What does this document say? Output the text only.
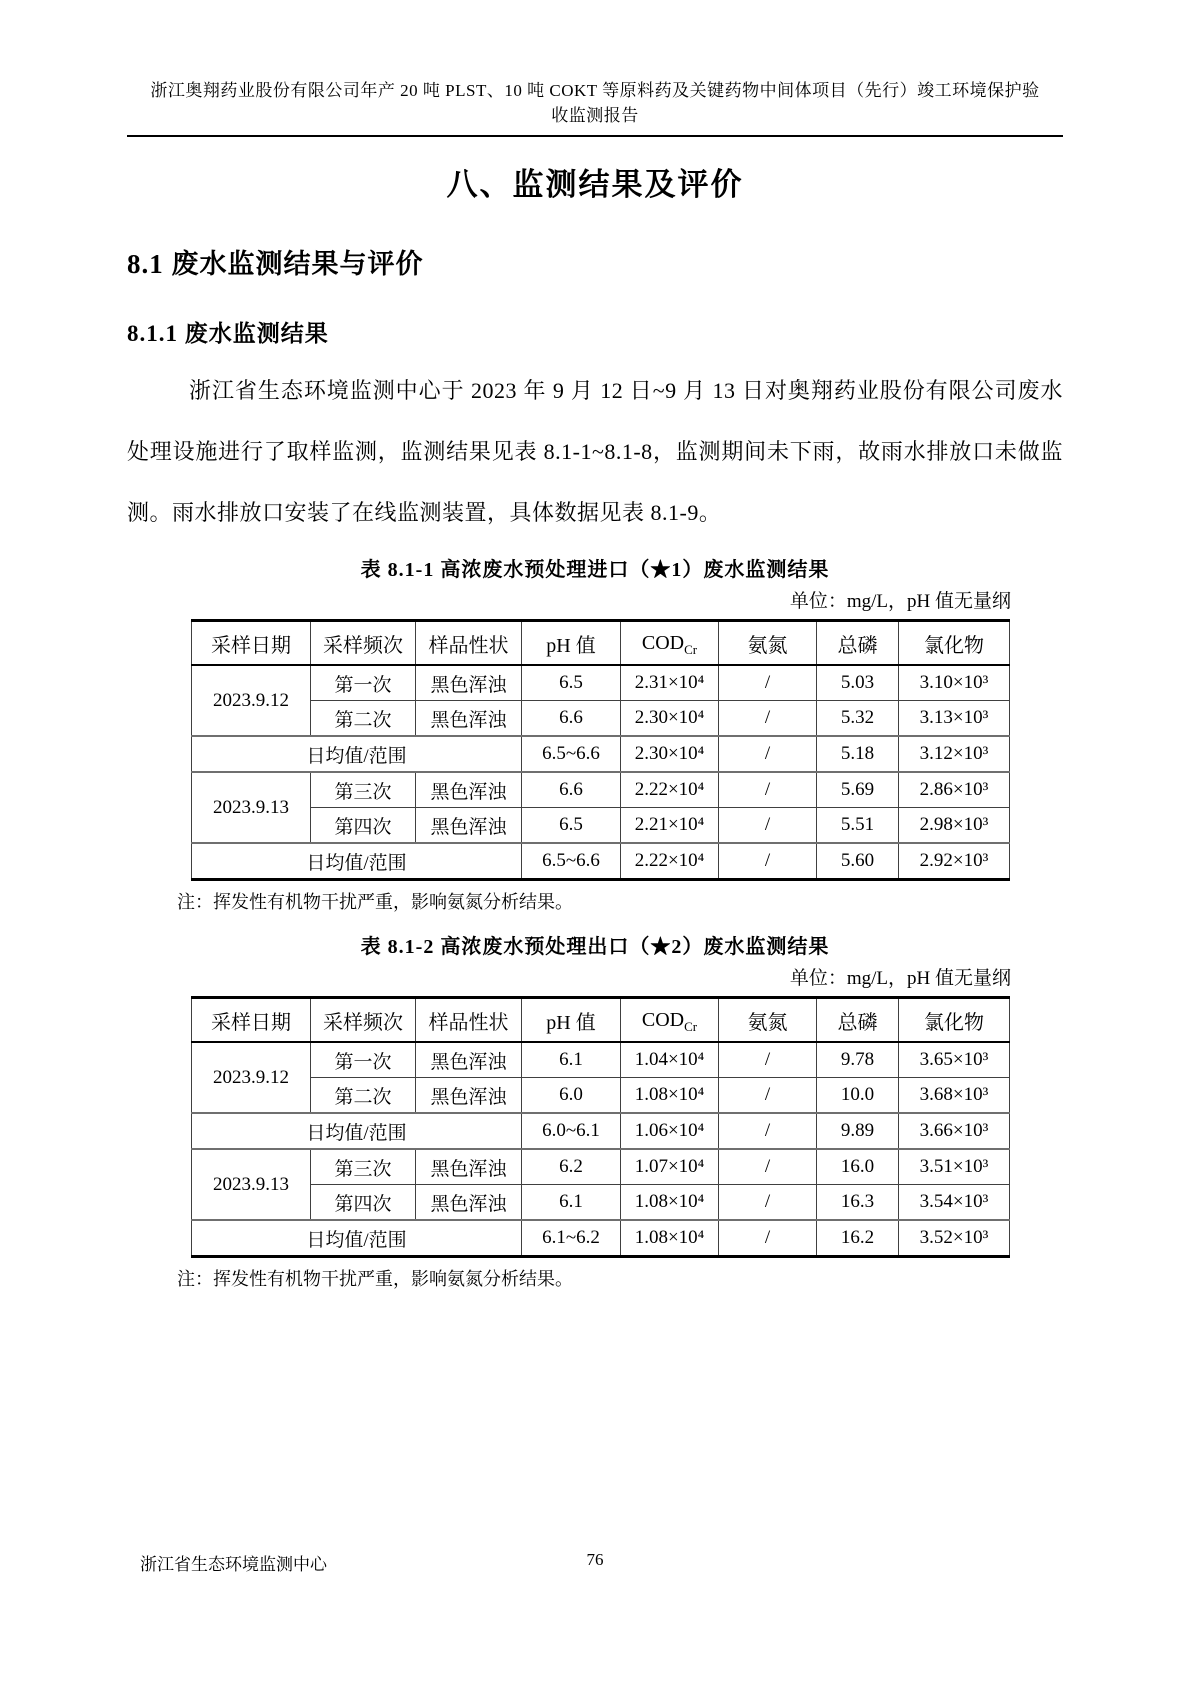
浙江奥翔药业股份有限公司年产 20 吨 PLST、10 吨 COKT 等原料药及关键药物中间体项目（先行）竣工环境保护验
收监测报告
八、监测结果及评价
8.1 废水监测结果与评价
8.1.1 废水监测结果
浙江省生态环境监测中心于 2023 年 9 月 12 日~9 月 13 日对奥翔药业股份有限公司废水处理设施进行了取样监测，监测结果见表 8.1-1~8.1-8，监测期间未下雨，故雨水排放口未做监测。雨水排放口安装了在线监测装置，具体数据见表 8.1-9。
表 8.1-1 高浓废水预处理进口（★1）废水监测结果
单位：mg/L，pH 值无量纲
采样日期	采样频次	样品性状	pH 值	$COD_{Cr}$	氨氮	总磷	氯化物
2023.9.12	第一次	黑色浑浊	6.5	2.31×10⁴	/	5.03	3.10×10³
	第二次	黑色浑浊	6.6	2.30×10⁴	/	5.32	3.13×10³
日均值/范围			6.5~6.6	2.30×10⁴	/	5.18	3.12×10³
2023.9.13	第三次	黑色浑浊	6.6	2.22×10⁴	/	5.69	2.86×10³
	第四次	黑色浑浊	6.5	2.21×10⁴	/	5.51	2.98×10³
日均值/范围			6.5~6.6	2.22×10⁴	/	5.60	2.92×10³
注：挥发性有机物干扰严重，影响氨氮分析结果。
表 8.1-2 高浓废水预处理出口（★2）废水监测结果
单位：mg/L，pH 值无量纲
采样日期	采样频次	样品性状	pH 值	$COD_{Cr}$	氨氮	总磷	氯化物
2023.9.12	第一次	黑色浑浊	6.1	1.04×10⁴	/	9.78	3.65×10³
	第二次	黑色浑浊	6.0	1.08×10⁴	/	10.0	3.68×10³
日均值/范围			6.0~6.1	1.06×10⁴	/	9.89	3.66×10³
2023.9.13	第三次	黑色浑浊	6.2	1.07×10⁴	/	16.0	3.51×10³
	第四次	黑色浑浊	6.1	1.08×10⁴	/	16.3	3.54×10³
日均值/范围			6.1~6.2	1.08×10⁴	/	16.2	3.52×10³
注：挥发性有机物干扰严重，影响氨氮分析结果。
浙江省生态环境监测中心	76
